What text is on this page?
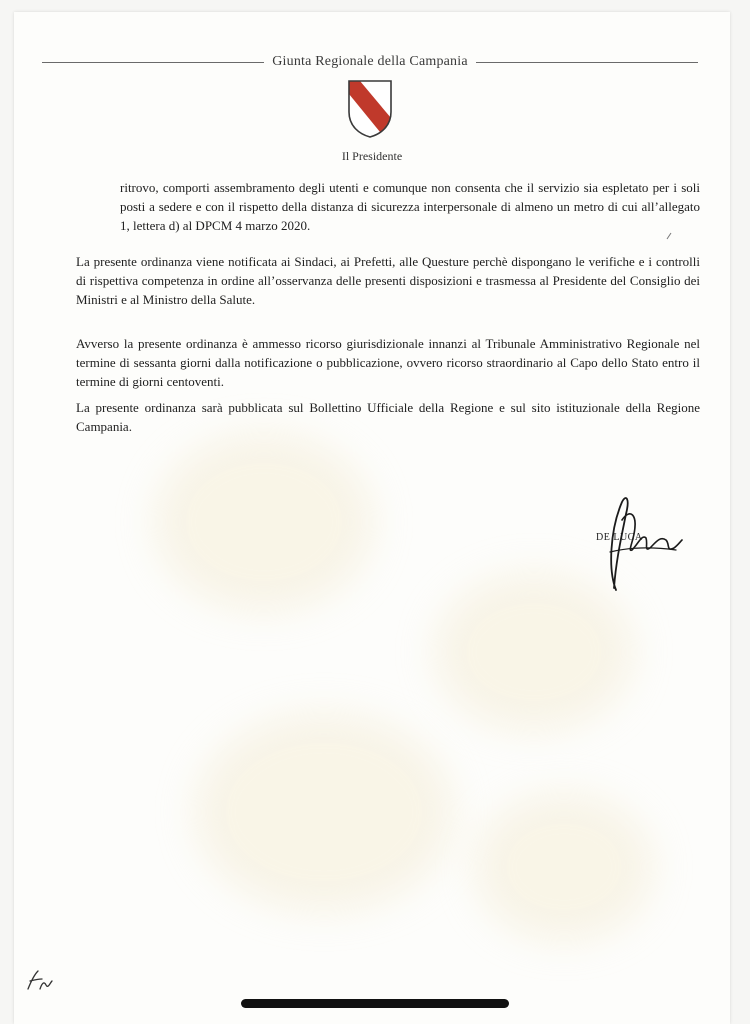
Giunta Regionale della Campania
Il Presidente
ritrovo, comporti assembramento degli utenti e comunque non consenta che il servizio sia espletato per i soli posti a sedere e con il rispetto della distanza di sicurezza interpersonale di almeno un metro di cui all’allegato 1, lettera d) al DPCM 4 marzo 2020.
La presente ordinanza viene notificata ai Sindaci, ai Prefetti, alle Questure perchè dispongano le verifiche e i controlli di rispettiva competenza in ordine all’osservanza delle presenti disposizioni e trasmessa al Presidente del Consiglio dei Ministri e al Ministro della Salute.
Avverso la presente ordinanza è ammesso ricorso giurisdizionale innanzi al Tribunale Amministrativo Regionale nel termine di sessanta giorni dalla notificazione o pubblicazione, ovvero ricorso straordinario al Capo dello Stato entro il termine di giorni centoventi.
La presente ordinanza sarà pubblicata sul Bollettino Ufficiale della Regione e sul sito istituzionale della Regione Campania.
DE LUCA
